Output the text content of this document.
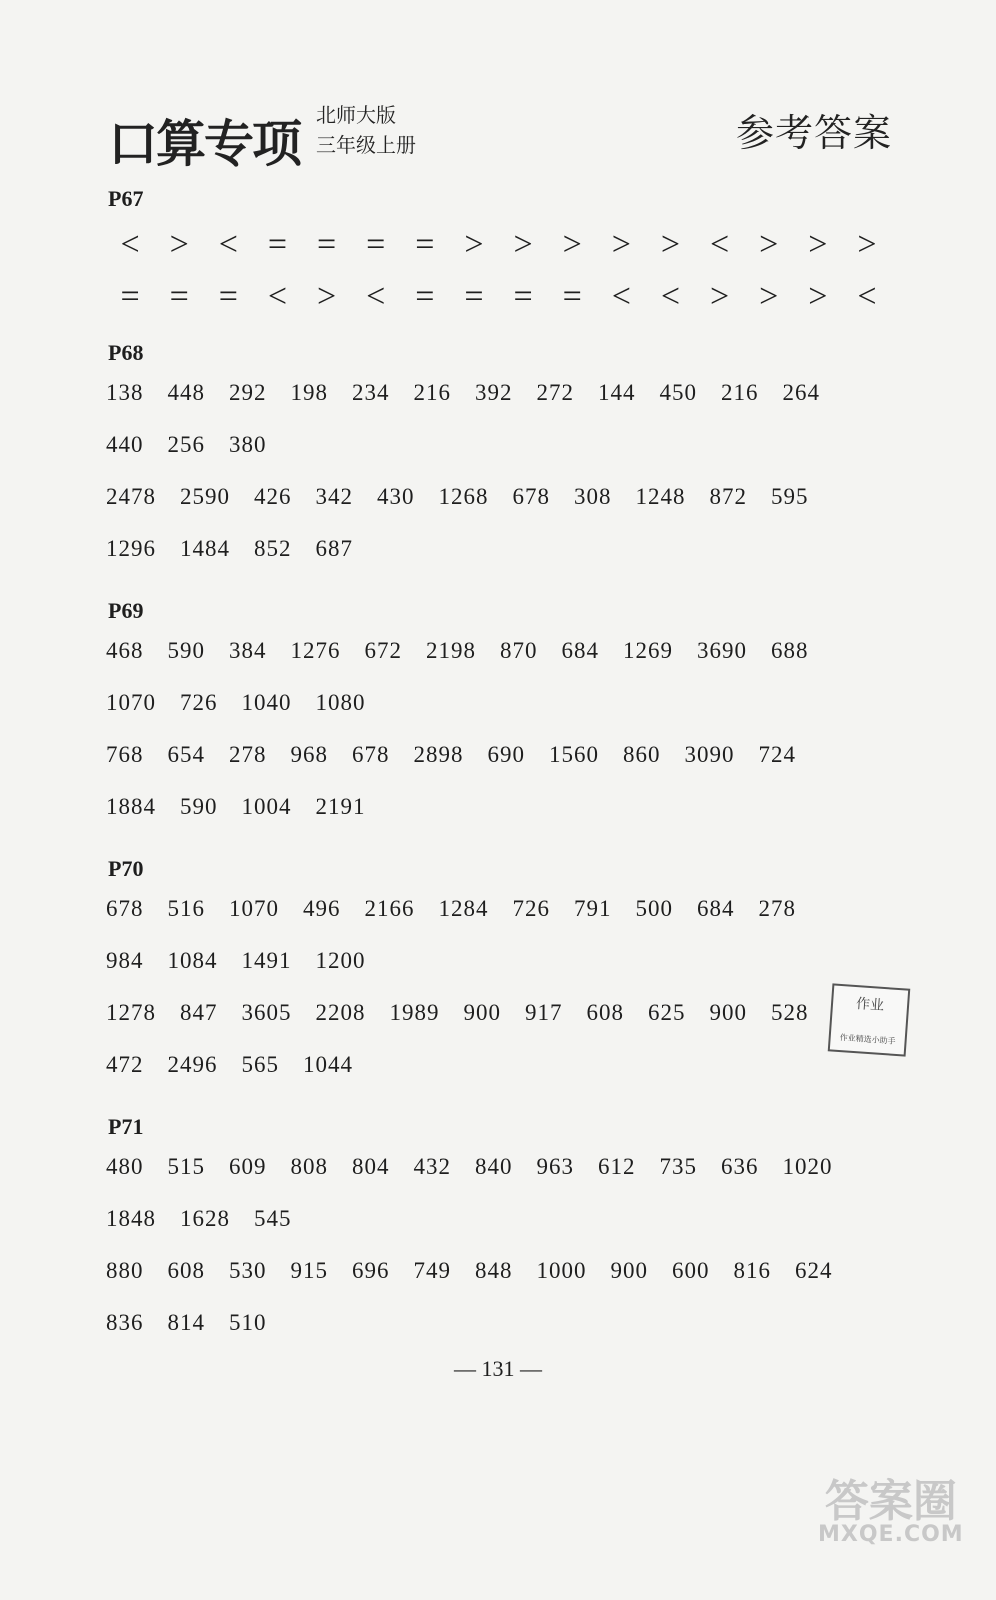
口算专项 北师大版
三年级上册	参考答案
P67
< > < = = = = > > > > > < > > >
= = = < > < = = = = < < > > > <
P68
138 448 292 198 234 216 392 272 144 450 216 264
440 256 380
2478 2590 426 342 430 1268 678 308 1248 872 595
1296 1484 852 687
P69
468 590 384 1276 672 2198 870 684 1269 3690 688
1070 726 1040 1080
768 654 278 968 678 2898 690 1560 860 3090 724
1884 590 1004 2191
P70
678 516 1070 496 2166 1284 726 791 500 684 278
984 1084 1491 1200
1278 847 3605 2208 1989 900 917 608 625 900 528
472 2496 565 1044
P71
480 515 609 808 804 432 840 963 612 735 636 1020
1848 1628 545
880 608 530 915 696 749 848 1000 900 600 816 624
836 814 510
作业
作业精选小助手
— 131 —
答案圈
MXQE.COM
